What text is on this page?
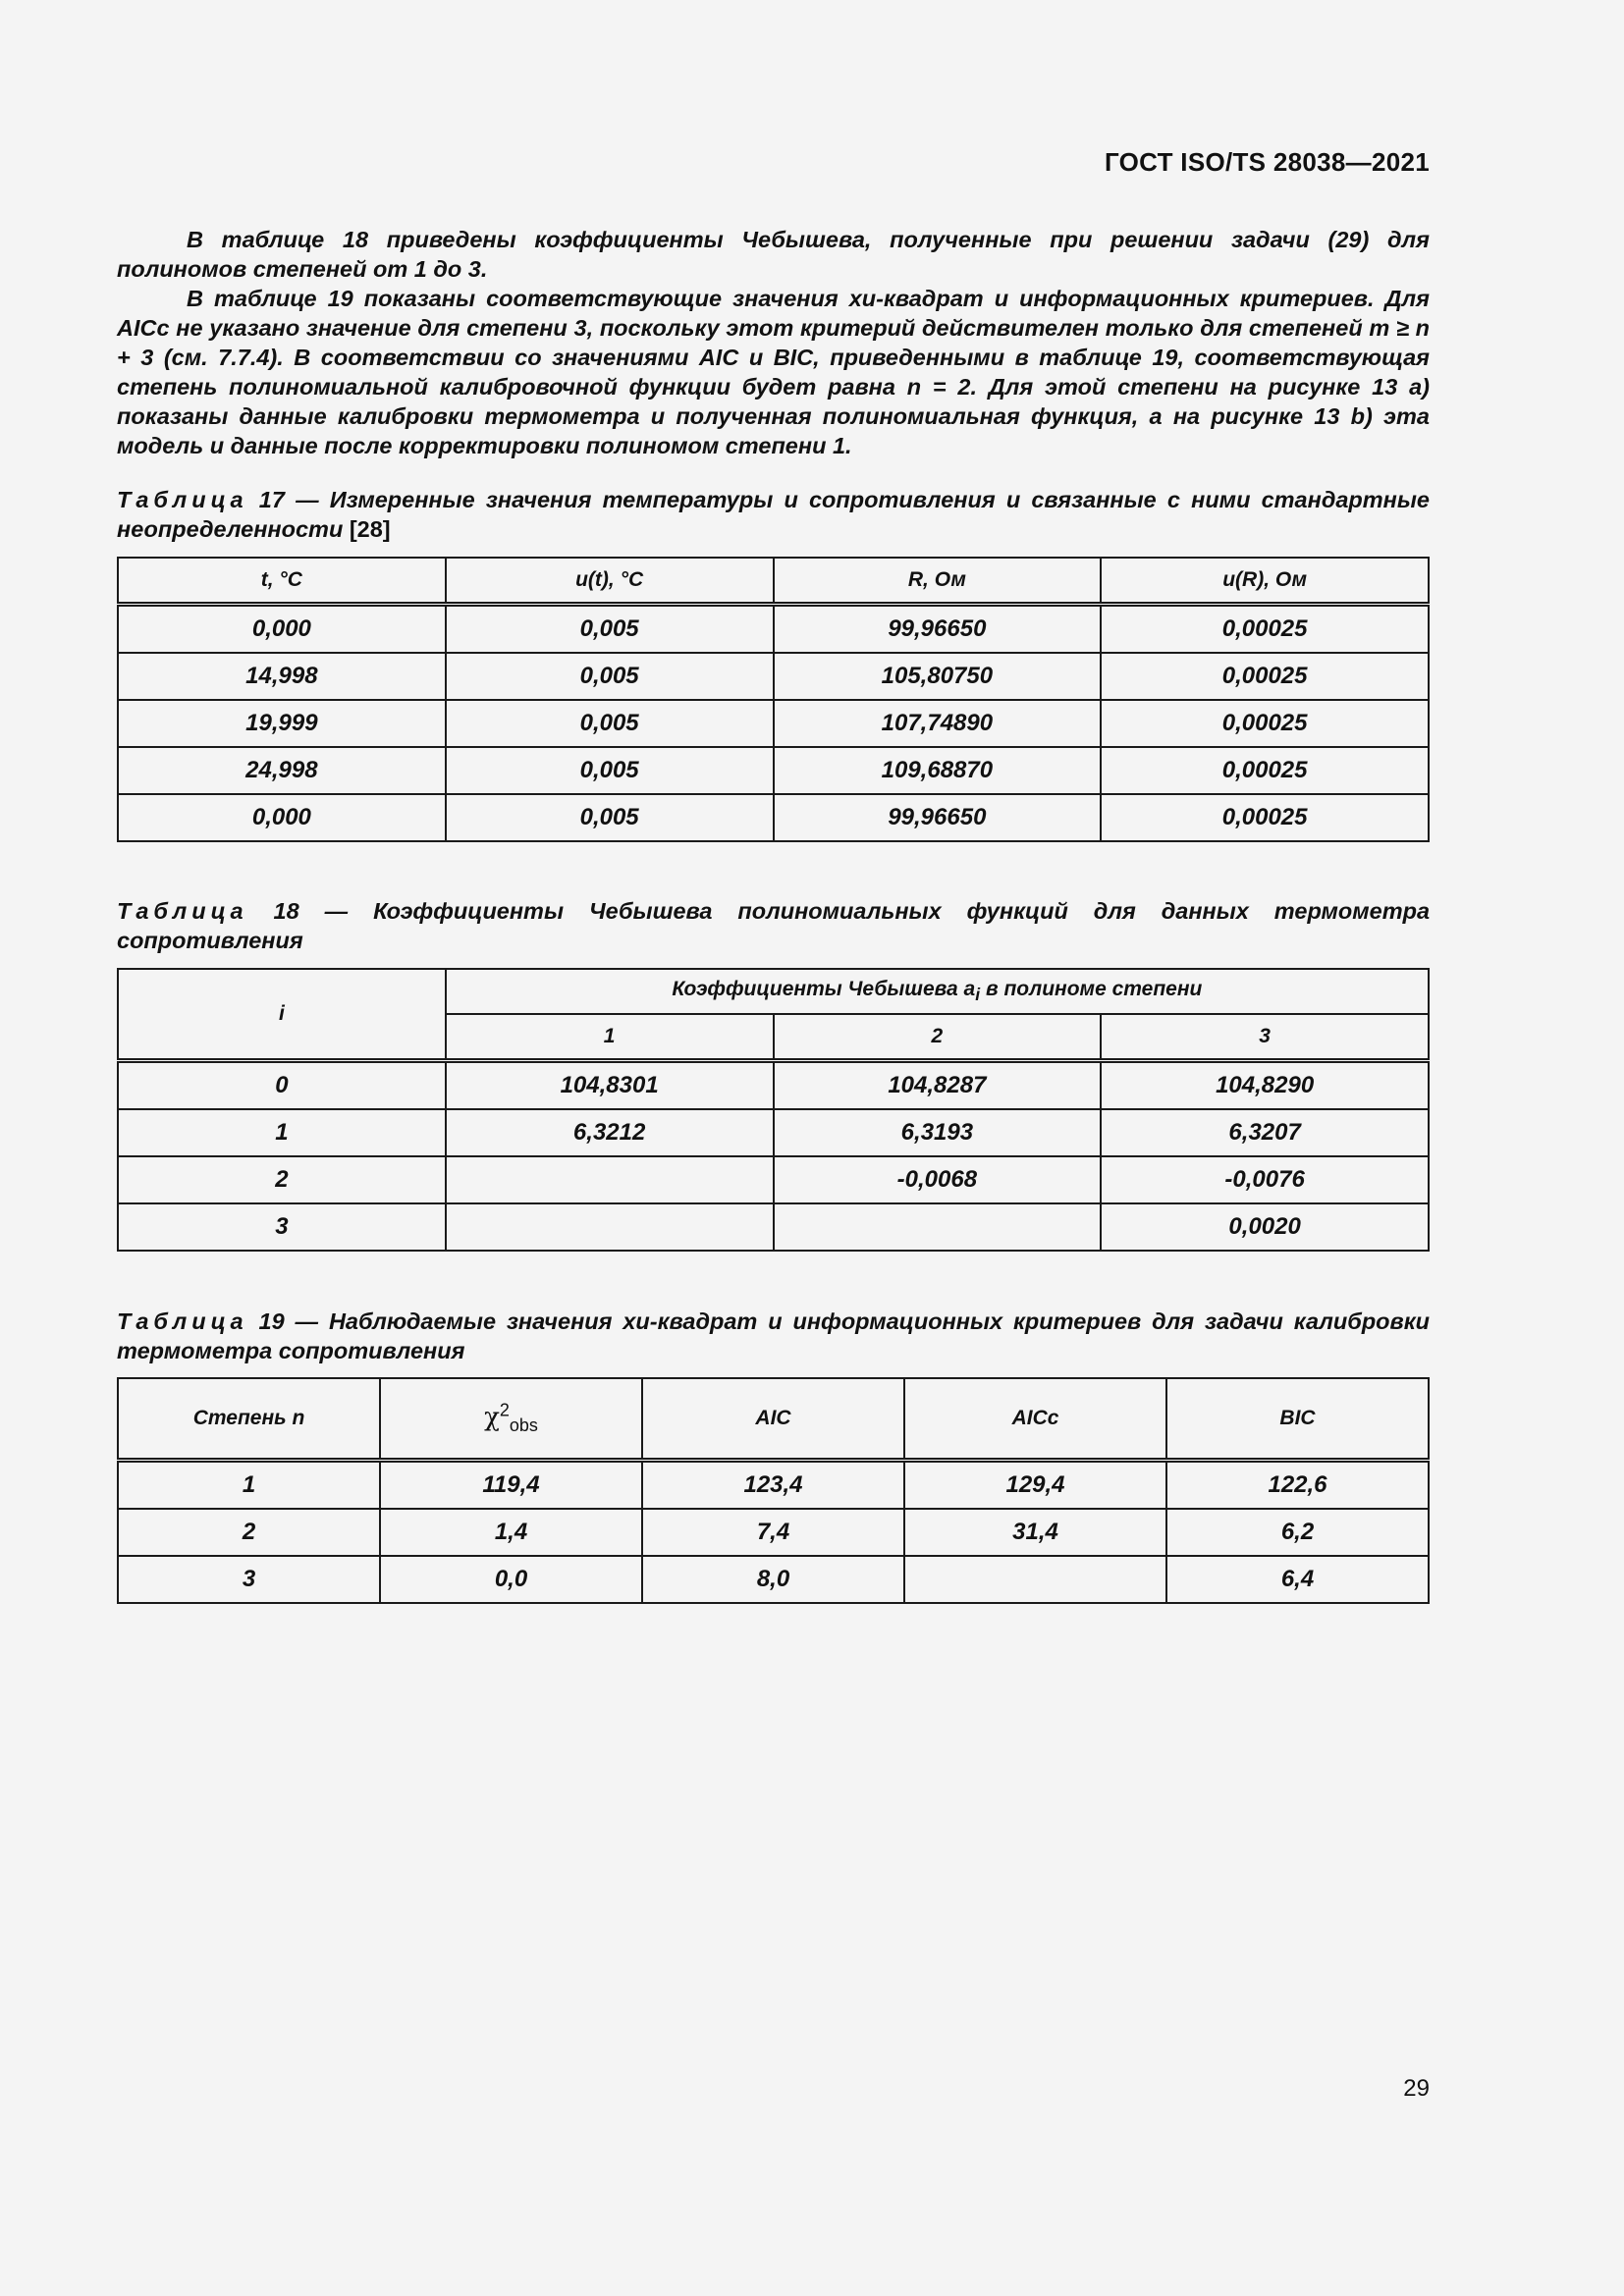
ГОСТ ISO/TS 28038—2021

В таблице 18 приведены коэффициенты Чебышева, полученные при решении задачи (29) для полиномов степеней от 1 до 3.

В таблице 19 показаны соответствующие значения хи-квадрат и информационных критериев. Для AICc не указано значение для степени 3, поскольку этот критерий действителен только для степеней m ≥ n + 3 (см. 7.7.4). В соответствии со значениями AIC и BIC, приведенными в таблице 19, соответствующая степень полиномиальной калибровочной функции будет равна n = 2. Для этой степени на рисунке 13 a) показаны данные калибровки термометра и полученная полиномиальная функция, а на рисунке 13 b) эта модель и данные после корректировки полиномом степени 1.

Таблица 17 — Измеренные значения температуры и сопротивления и связанные с ними стандартные неопределенности [28]
t, °C	u(t), °C	R, Ом	u(R), Ом
0,000	0,005	99,96650	0,00025
14,998	0,005	105,80750	0,00025
19,999	0,005	107,74890	0,00025
24,998	0,005	109,68870	0,00025
0,000	0,005	99,96650	0,00025
Таблица 18 — Коэффициенты Чебышева полиномиальных функций для данных термометра сопротивления
i	Коэффициенты Чебышева $a_i$ в полиноме степени		
	1	2	3
0	104,8301	104,8287	104,8290
1	6,3212	6,3193	6,3207
2		-0,0068	-0,0076
3			0,0020
Таблица 19 — Наблюдаемые значения хи-квадрат и информационных критериев для задачи калибровки термометра сопротивления
Степень n	$\chi^2_{obs}$	AIC	AICc	BIC
1	119,4	123,4	129,4	122,6
2	1,4	7,4	31,4	6,2
3	0,0	8,0		6,4
29
